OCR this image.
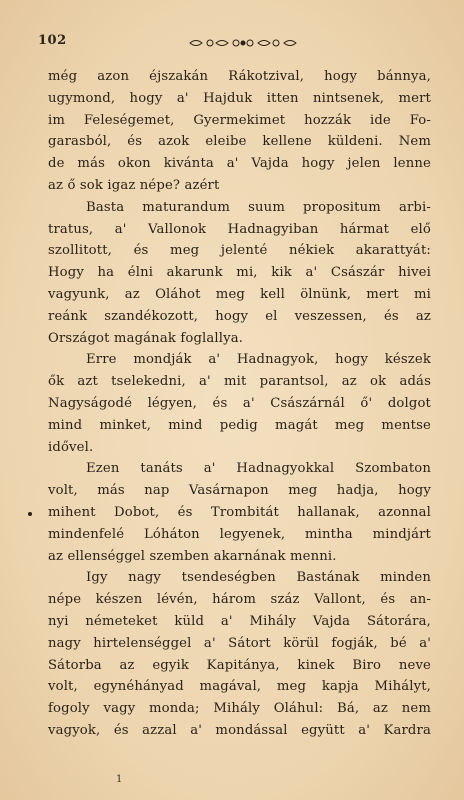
102
még azon éjszakán Rákotzival, hogy bánnya,
ugymond, hogy a' Hajduk itten nintsenek, mert
im Feleségemet, Gyermekimet hozzák ide Fo-
garasból, és azok eleibe kellene küldeni. Nem
de más okon kivánta a' Vajda hogy jelen lenne
az ő sok igaz népe? azért
Basta maturandum suum propositum arbi-
tratus, a' Vallonok Hadnagyiban hármat elő
szollitott, és meg jelenté nékiek akarattyát:
Hogy ha élni akarunk mi, kik a' Császár hivei
vagyunk, az Oláhot meg kell ölnünk, mert mi
reánk szandékozott, hogy el veszessen, és az
Országot magának foglallya.
Erre mondják a' Hadnagyok, hogy készek
ők azt tselekedni, a' mit parantsol, az ok adás
Nagyságodé légyen, és a' Császárnál ő' dolgot
mind minket, mind pedig magát meg mentse
idővel.
Ezen tanáts a' Hadnagyokkal Szombaton
volt, más nap Vasárnapon meg hadja, hogy
mihent Dobot, és Trombitát hallanak, azonnal
mindenfelé Lóháton legyenek, mintha mindjárt
az ellenséggel szemben akarnának menni.
Igy nagy tsendeségben Bastának minden
népe készen lévén, három száz Vallont, és an-
nyi németeket küld a' Mihály Vajda Sátorára,
nagy hirtelenséggel a' Sátort körül fogják, bé a'
Sátorba az egyik Kapitánya, kinek Biro neve
volt, egynéhányad magával, meg kapja Mihályt,
fogoly vagy monda; Mihály Oláhul: Bá, az nem
vagyok, és azzal a' mondással együtt a' Kardra
1
